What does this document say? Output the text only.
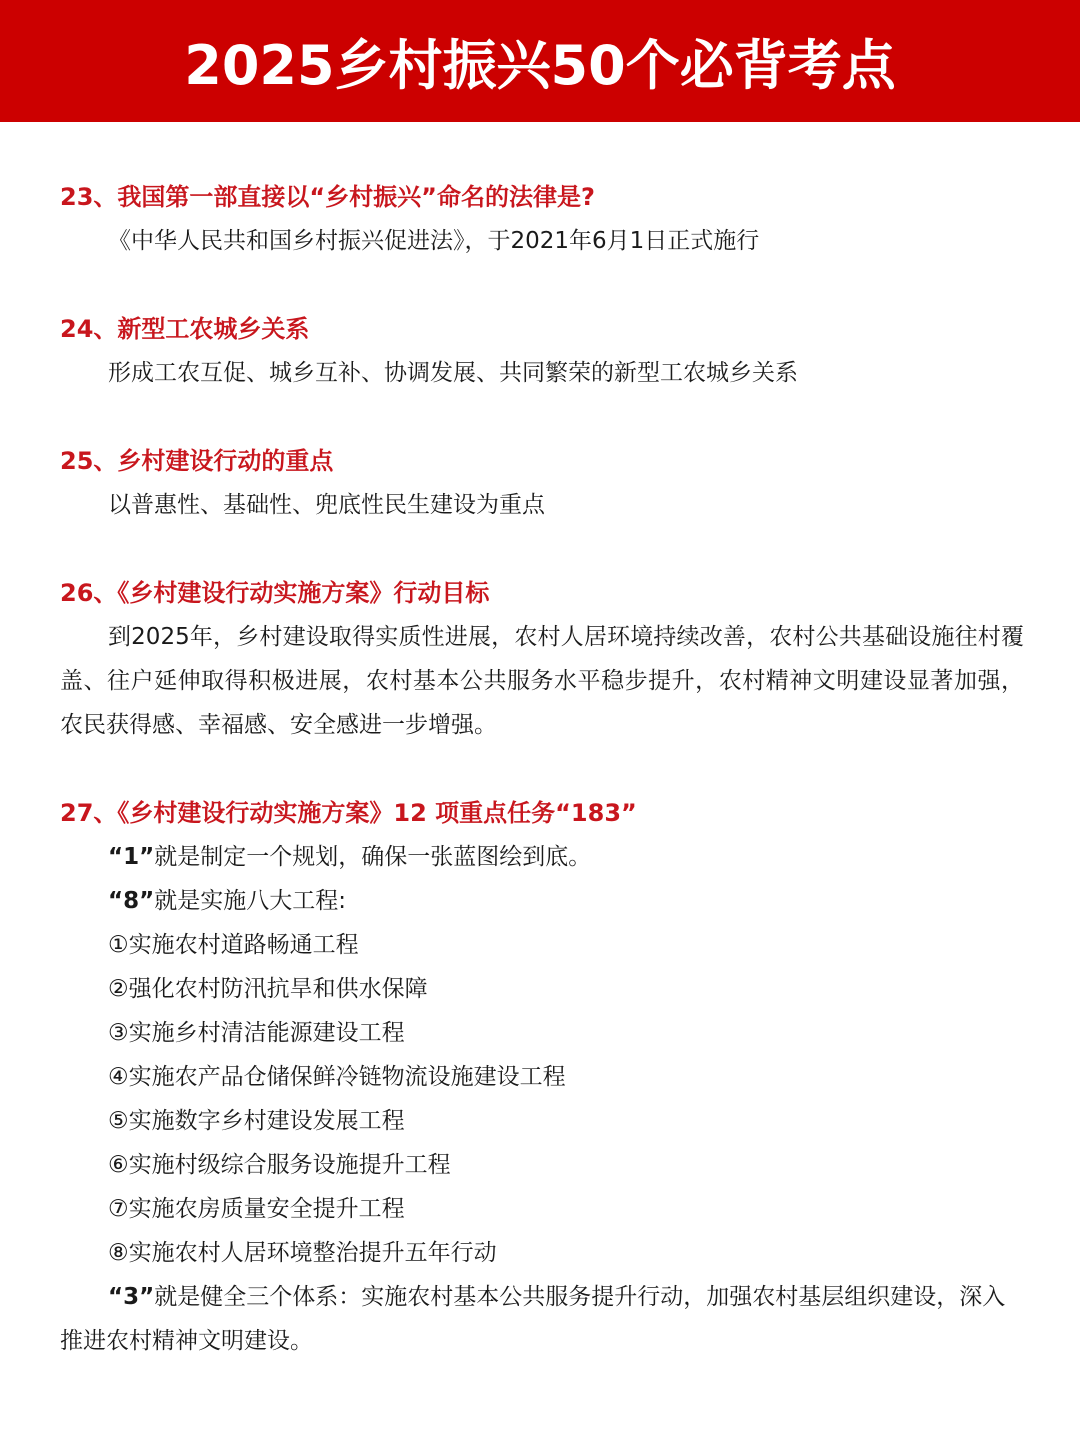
2025乡村振兴50个必背考点
23、我国第一部直接以“乡村振兴”命名的法律是?
《中华人民共和国乡村振兴促进法》，于2021年6月1日正式施行
24、新型工农城乡关系
形成工农互促、城乡互补、协调发展、共同繁荣的新型工农城乡关系
25、乡村建设行动的重点
以普惠性、基础性、兜底性民生建设为重点
26、《乡村建设行动实施方案》行动目标
到2025年，乡村建设取得实质性进展，农村人居环境持续改善，农村公共基础设施往村覆盖、往户延伸取得积极进展，农村基本公共服务水平稳步提升，农村精神文明建设显著加强，农民获得感、幸福感、安全感进一步增强。
27、《乡村建设行动实施方案》12 项重点任务“183”
“1”就是制定一个规划，确保一张蓝图绘到底。
“8”就是实施八大工程:
①实施农村道路畅通工程
②强化农村防汛抗旱和供水保障
③实施乡村清洁能源建设工程
④实施农产品仓储保鲜冷链物流设施建设工程
⑤实施数字乡村建设发展工程
⑥实施村级综合服务设施提升工程
⑦实施农房质量安全提升工程
⑧实施农村人居环境整治提升五年行动
“3”就是健全三个体系：实施农村基本公共服务提升行动，加强农村基层组织建设，深入推进农村精神文明建设。
